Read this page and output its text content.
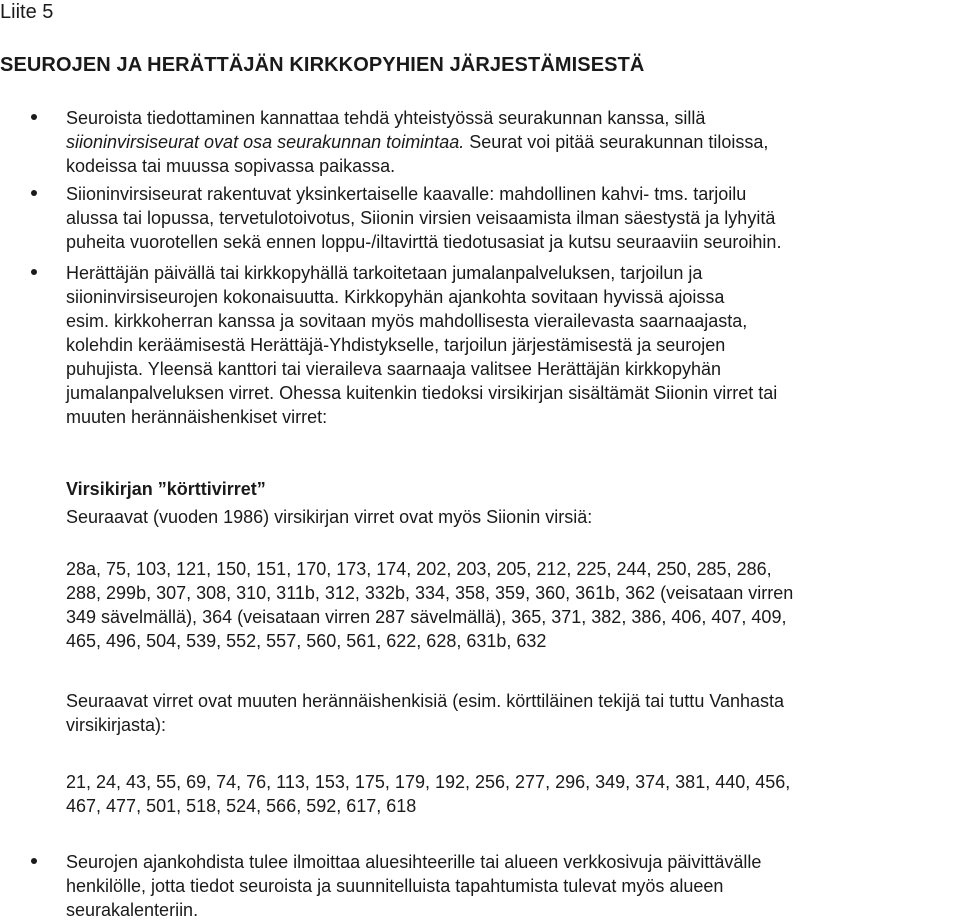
Liite 5
SEUROJEN JA HERÄTTÄJÄN KIRKKOPYHIEN JÄRJESTÄMISESTÄ
Seuroista tiedottaminen kannattaa tehdä yhteistyössä seurakunnan kanssa, sillä
siioninvirsiseurat ovat osa seurakunnan toimintaa. Seurat voi pitää seurakunnan tiloissa,
kodeissa tai muussa sopivassa paikassa.
Siioninvirsiseurat rakentuvat yksinkertaiselle kaavalle: mahdollinen kahvi- tms. tarjoilu
alussa tai lopussa, tervetulotoivotus, Siionin virsien veisaamista ilman säestystä ja lyhyitä
puheita vuorotellen sekä ennen loppu-/iltavirttä tiedotusasiat ja kutsu seuraaviin seuroihin.
Herättäjän päivällä tai kirkkopyhällä tarkoitetaan jumalanpalveluksen, tarjoilun ja
siioninvirsiseurojen kokonaisuutta. Kirkkopyhän ajankohta sovitaan hyvissä ajoissa
esim. kirkkoherran kanssa ja sovitaan myös mahdollisesta vierailevasta saarnaajasta,
kolehdin keräämisestä Herättäjä-Yhdistykselle, tarjoilun järjestämisestä ja seurojen
puhujista. Yleensä kanttori tai vieraileva saarnaaja valitsee Herättäjän kirkkopyhän
jumalanpalveluksen virret. Ohessa kuitenkin tiedoksi virsikirjan sisältämät Siionin virret tai
muuten herännäishenkiset virret:
Virsikirjan ”körttivirret”
Seuraavat (vuoden 1986) virsikirjan virret ovat myös Siionin virsiä:
28a, 75, 103, 121, 150, 151, 170, 173, 174, 202, 203, 205, 212, 225, 244, 250, 285, 286,
288, 299b, 307, 308, 310, 311b, 312, 332b, 334, 358, 359, 360, 361b, 362 (veisataan virren
349 sävelmällä), 364 (veisataan virren 287 sävelmällä), 365, 371, 382, 386, 406, 407, 409,
465, 496, 504, 539, 552, 557, 560, 561, 622, 628, 631b, 632
Seuraavat virret ovat muuten herännäishenkisiä (esim. körttiläinen tekijä tai tuttu Vanhasta
virsikirjasta):
21, 24, 43, 55, 69, 74, 76, 113, 153, 175, 179, 192, 256, 277, 296, 349, 374, 381, 440, 456,
467, 477, 501, 518, 524, 566, 592, 617, 618
Seurojen ajankohdista tulee ilmoittaa aluesihteerille tai alueen verkkosivuja päivittävälle
henkilölle, jotta tiedot seuroista ja suunnitelluista tapahtumista tulevat myös alueen
seurakalenteriin.
